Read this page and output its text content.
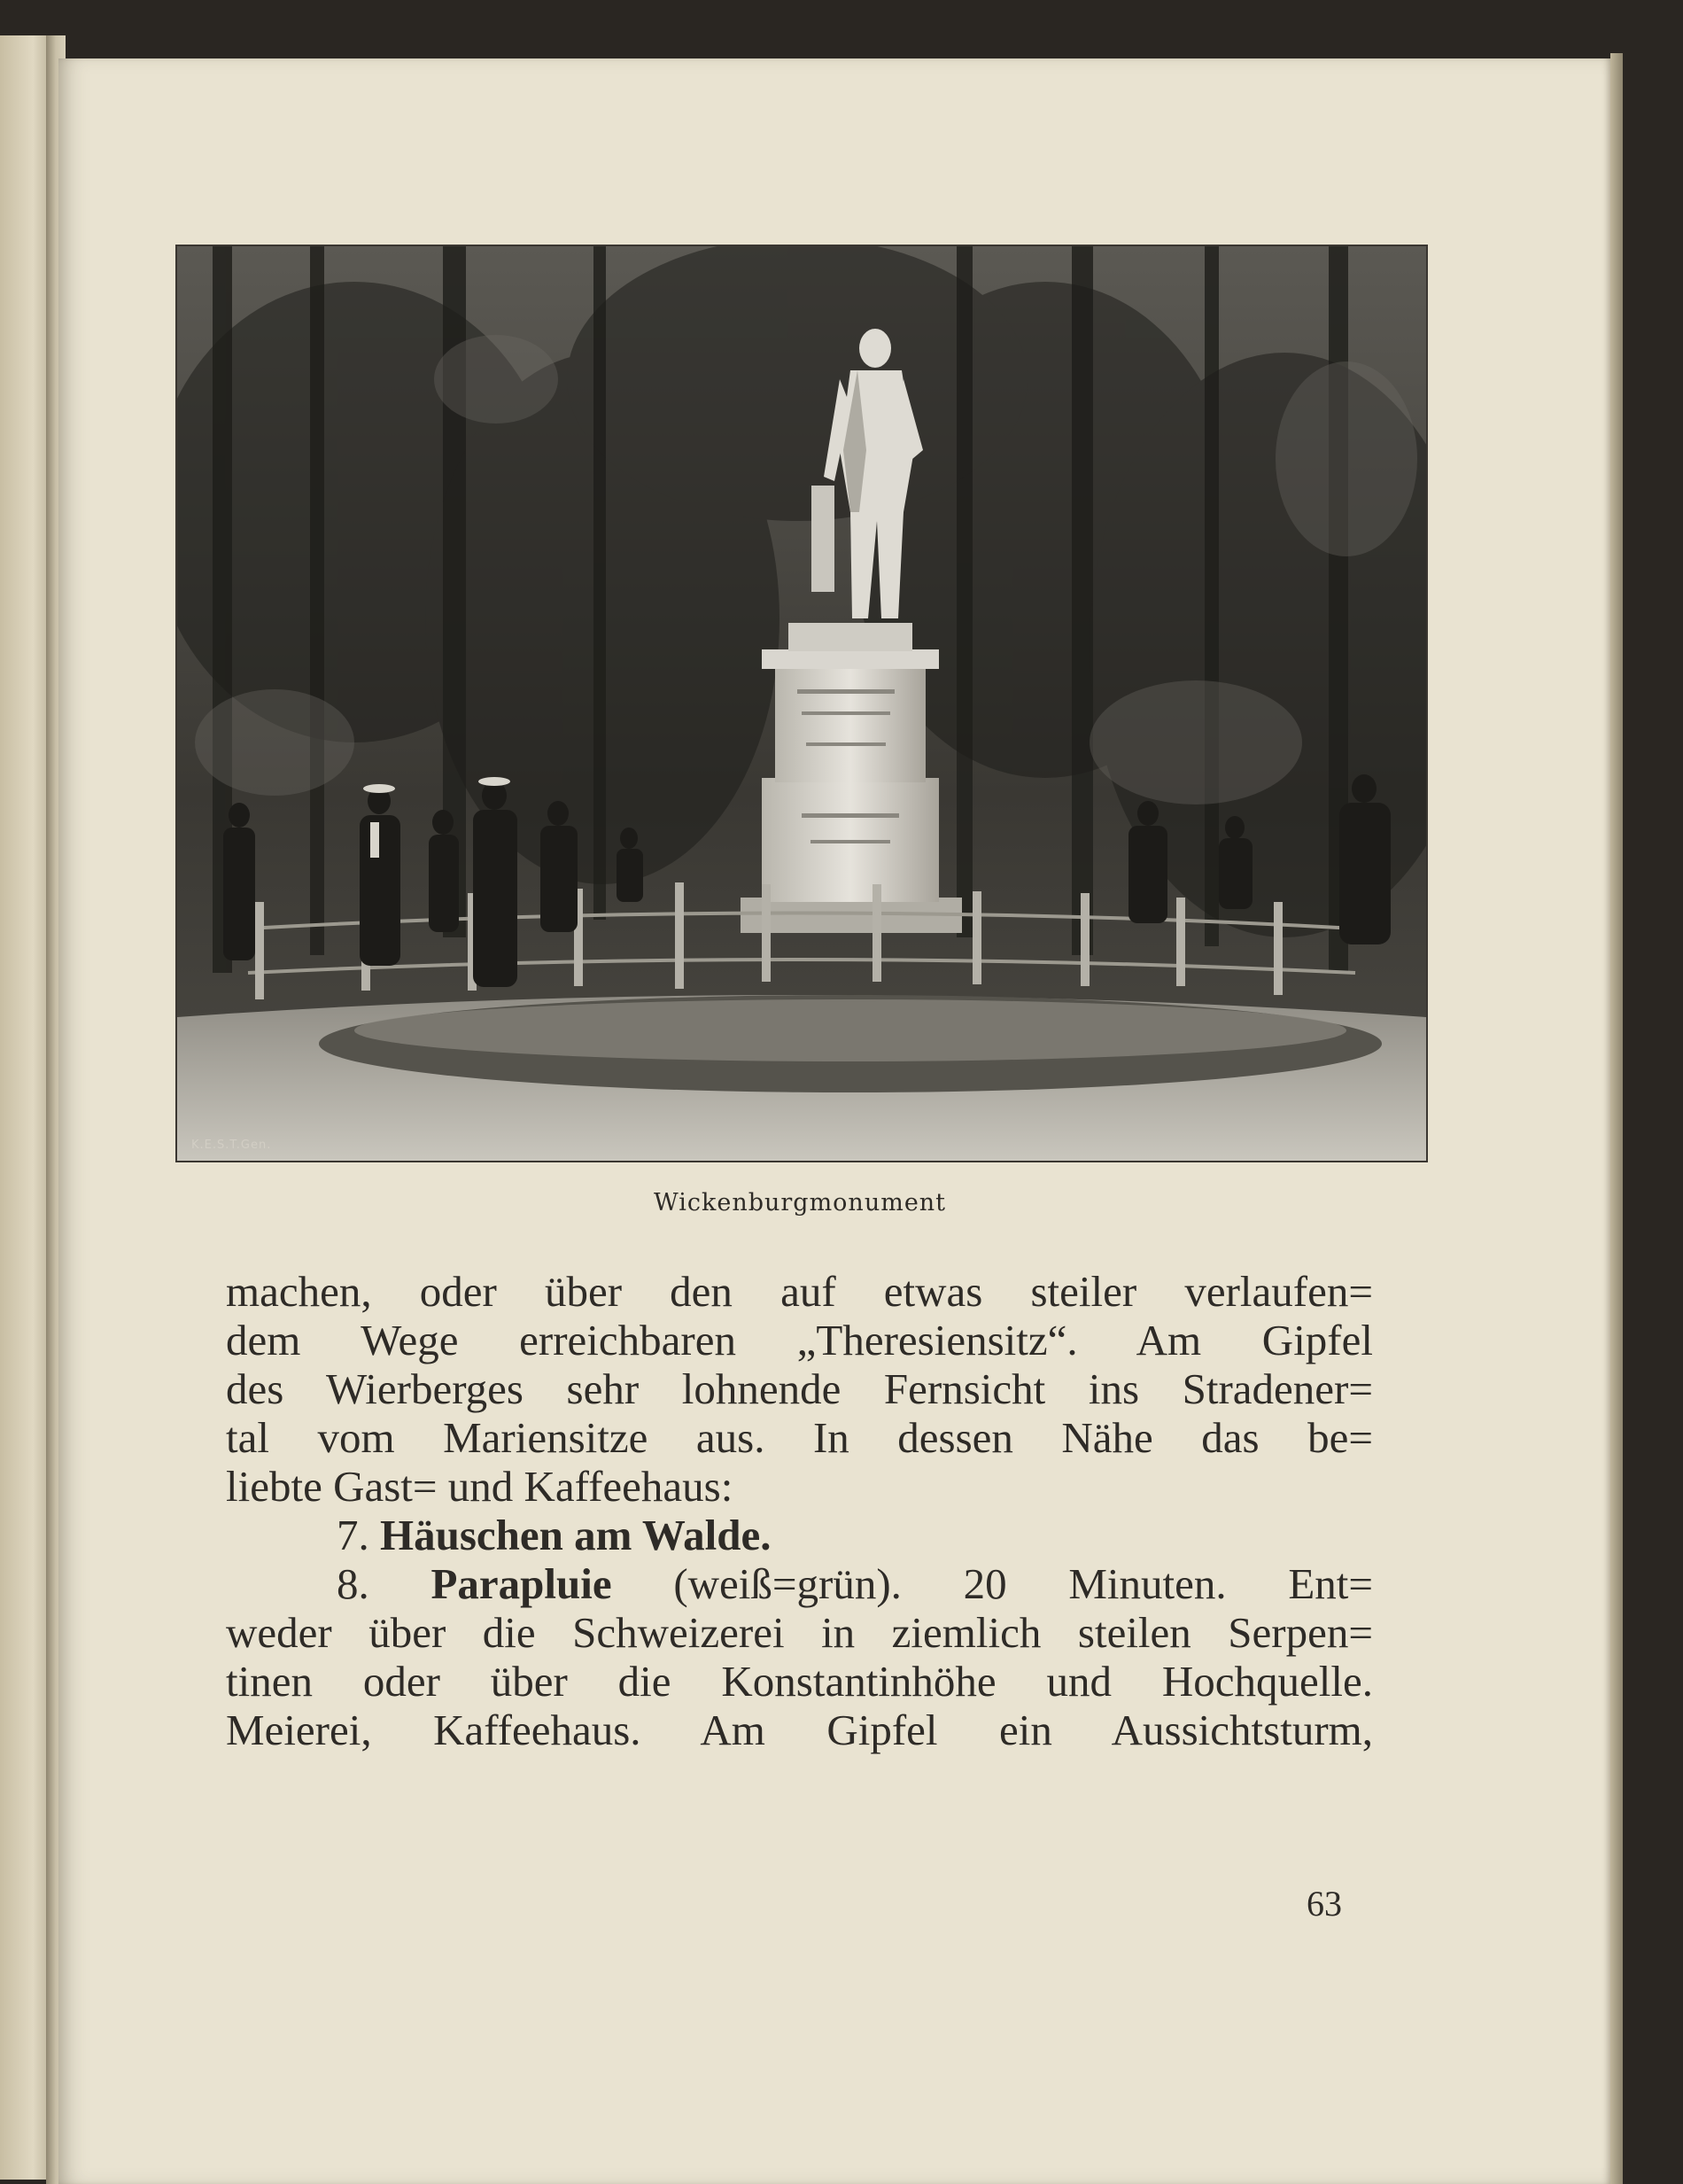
K.E.S.T.Gen.
Wickenburgmonument
machen, oder über den auf etwas steiler verlaufen=
dem Wege erreichbaren „Theresiensitz“. Am Gipfel
des Wierberges sehr lohnende Fernsicht ins Stradener=
tal vom Mariensitze aus. In dessen Nähe das be=
liebte Gast= und Kaffeehaus:
7. Häuschen am Walde.
8. Parapluie (weiß=grün). 20 Minuten. Ent=
weder über die Schweizerei in ziemlich steilen Serpen=
tinen oder über die Konstantinhöhe und Hochquelle.
Meierei, Kaffeehaus. Am Gipfel ein Aussichtsturm,
63
